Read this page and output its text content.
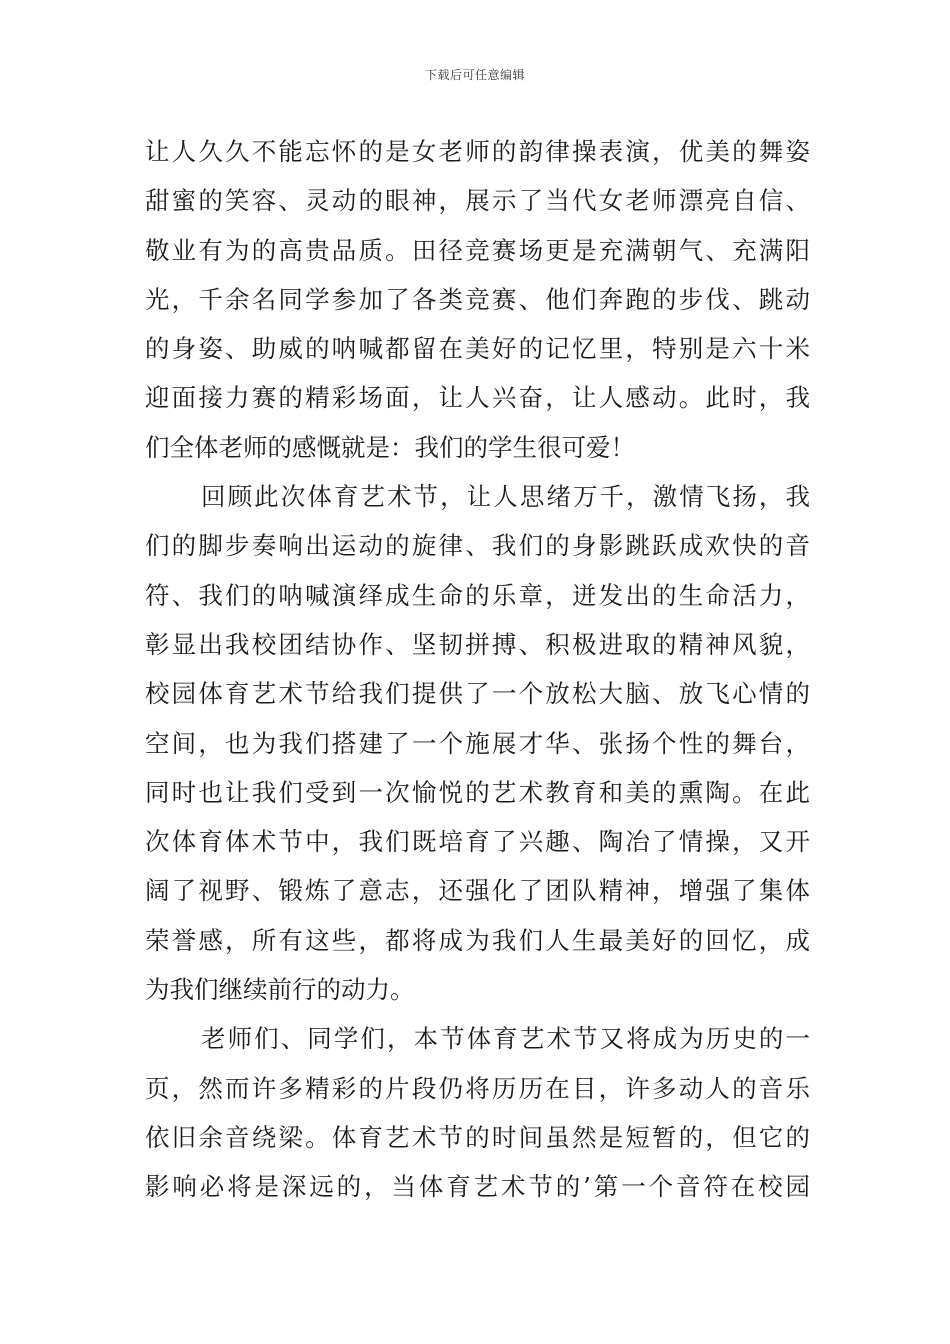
下载后可任意编辑
让人久久不能忘怀的是女老师的韵律操表演，优美的舞姿
甜蜜的笑容、灵动的眼神，展示了当代女老师漂亮自信、
敬业有为的高贵品质。田径竞赛场更是充满朝气、充满阳
光，千余名同学参加了各类竞赛、他们奔跑的步伐、跳动
的身姿、助威的呐喊都留在美好的记忆里，特别是六十米
迎面接力赛的精彩场面，让人兴奋，让人感动。此时，我
们全体老师的感慨就是：我们的学生很可爱！
回顾此次体育艺术节，让人思绪万千，激情飞扬，我
们的脚步奏响出运动的旋律、我们的身影跳跃成欢快的音
符、我们的呐喊演绎成生命的乐章，迸发出的生命活力，
彰显出我校团结协作、坚韧拼搏、积极进取的精神风貌，
校园体育艺术节给我们提供了一个放松大脑、放飞心情的
空间，也为我们搭建了一个施展才华、张扬个性的舞台，
同时也让我们受到一次愉悦的艺术教育和美的熏陶。在此
次体育体术节中，我们既培育了兴趣、陶冶了情操，又开
阔了视野、锻炼了意志，还强化了团队精神，增强了集体
荣誉感，所有这些，都将成为我们人生最美好的回忆，成
为我们继续前行的动力。
老师们、同学们，本节体育艺术节又将成为历史的一
页，然而许多精彩的片段仍将历历在目，许多动人的音乐
依旧余音绕梁。体育艺术节的时间虽然是短暂的，但它的
影响必将是深远的，当体育艺术节的’第一个音符在校园
